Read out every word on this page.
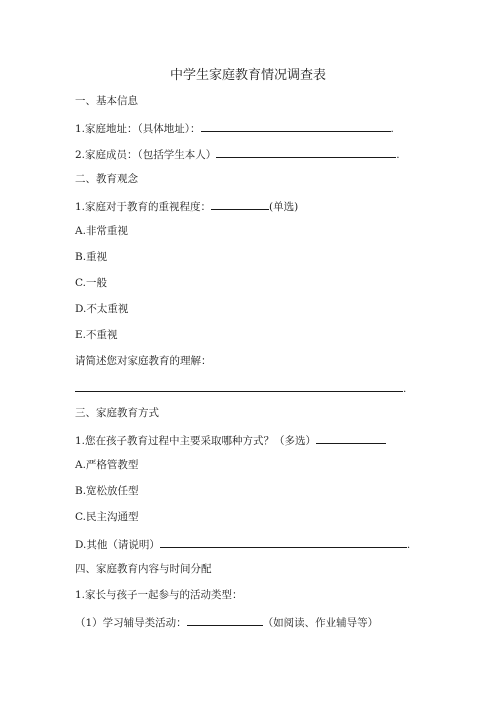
中学生家庭教育情况调查表
一、基本信息
1.家庭地址：（具体地址）：	.
2.家庭成员：（包括学生本人）	.
二、教育观念
1.家庭对于教育的重视程度：	(单选)
A.非常重视
B.重视
C.一般
D.不太重视
E.不重视
请简述您对家庭教育的理解：
.
三、家庭教育方式
1.您在孩子教育过程中主要采取哪种方式？（多选）
A.严格管教型
B.宽松放任型
C.民主沟通型
D.其他（请说明）	.
四、家庭教育内容与时间分配
1.家长与孩子一起参与的活动类型：
（1）学习辅导类活动：	（如阅读、作业辅导等）
